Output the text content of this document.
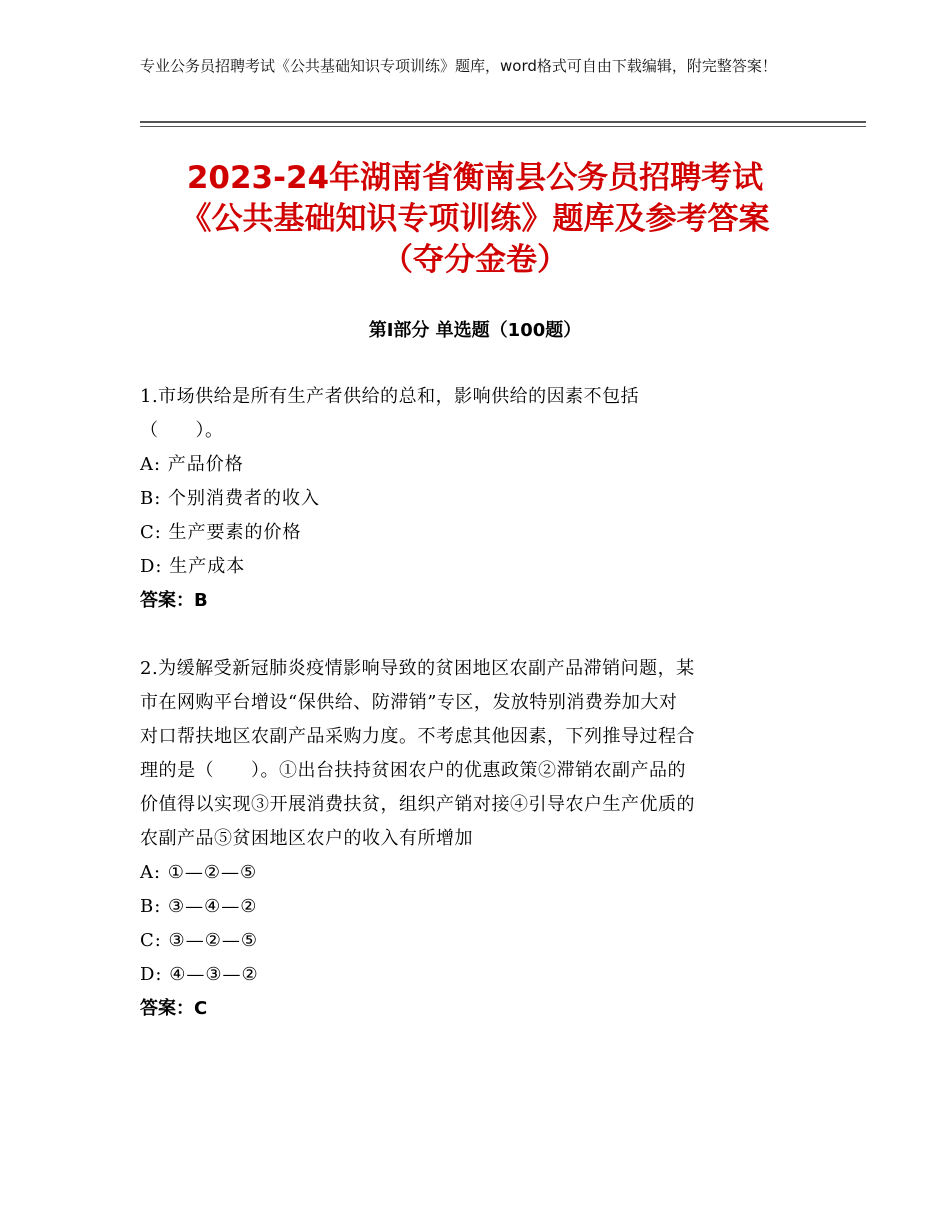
专业公务员招聘考试《公共基础知识专项训练》题库，word格式可自由下载编辑，附完整答案！
2023-24年湖南省衡南县公务员招聘考试
《公共基础知识专项训练》题库及参考答案
（夺分金卷）
第Ⅰ部分 单选题（100题）
1.市场供给是所有生产者供给的总和，影响供给的因素不包括
（　　）。
A: 产品价格
B: 个别消费者的收入
C: 生产要素的价格
D: 生产成本
答案：B
2.为缓解受新冠肺炎疫情影响导致的贫困地区农副产品滞销问题，某
市在网购平台增设“保供给、防滞销”专区，发放特别消费券加大对
对口帮扶地区农副产品采购力度。不考虑其他因素，下列推导过程合
理的是（　　）。①出台扶持贫困农户的优惠政策②滞销农副产品的
价值得以实现③开展消费扶贫，组织产销对接④引导农户生产优质的
农副产品⑤贫困地区农户的收入有所增加
A: ①—②—⑤
B: ③—④—②
C: ③—②—⑤
D: ④—③—②
答案：C
